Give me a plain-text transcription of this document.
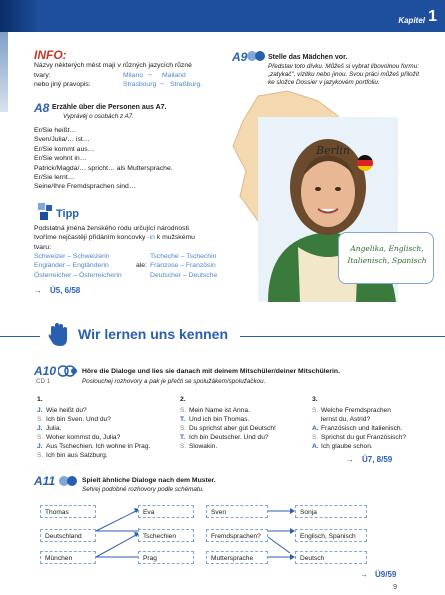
Kapitel 1
INFO:
Názvy některých měst mají v různých jazycích různé
tvary:	Milano → Mailand
nebo jiný pravopis:	Strasbourg → Straßburg.
A8 Erzähle über die Personen aus A7.
Vyprávěj o osobách z A7.
Er/Sie heißt…
Sven/Julia/… ist…
Er/Sie kommt aus…
Er/Sie wohnt in…
Patrick/Magda/… spricht… als Muttersprache.
Er/Sie lernt…
Seine/Ihre Fremdsprachen sind…
Tipp
Podstatná jména ženského rodu určující národnosti
tvoříme nejčastěji přidáním koncovky -in k mužskému
tvaru:
Schweizer – Schweizerin
Engländer – Engländerin
Österreicher – Österreicherin
ale:
Tscheche – Tschechin
Franzose – Französin
Deutscher – Deutsche
→ Ü5, 6/58
A9	Stelle das Mädchen vor.
Představ toto dívku. Můžeš si vybrat libovolnou formu:
„zatykač", vizitku nebo jinou. Svou práci můžeš přiložit
ke složce Dossier v jazykovém portfoliu.
Berlin
Angelika, Englisch,
Italienisch, Spanisch
Wir lernen uns kennen
A10
CD 1
Höre die Dialoge und lies sie danach mit deinem Mitschüler/deiner Mitschülerin.
Poslouchej rozhovory a pak je přečti se spolužákem/spolužačkou.
1.
J. Wie heißt du?
S. Ich bin Sven. Und du?
J. Julia.
S. Woher kommst du, Julia?
J. Aus Tschechien. Ich wohne in Prag.
S. Ich bin aus Salzburg.
2.
S. Mein Name ist Anna.
T. Und ich bin Thomas.
S. Du sprichst aber gut Deutsch!
T. Ich bin Deutscher. Und du?
S. Slowakin.
3.
S. Welche Fremdsprachen
lernst du, Astrid?
A. Französisch und Italienisch.
S. Sprichst du gut Französisch?
A. Ich glaube schon.
→ Ü7, 8/59
A11	Spielt ähnliche Dialoge nach dem Muster.
Sehrej podobné rozhovory podle schématu.
Thomas
Deutschland
München
Eva
Tschechien
Prag
Sven
Fremdsprachen?
Muttersprache
Sonja
Englisch, Spanisch
Deutsch
→ Ü9/59
9
